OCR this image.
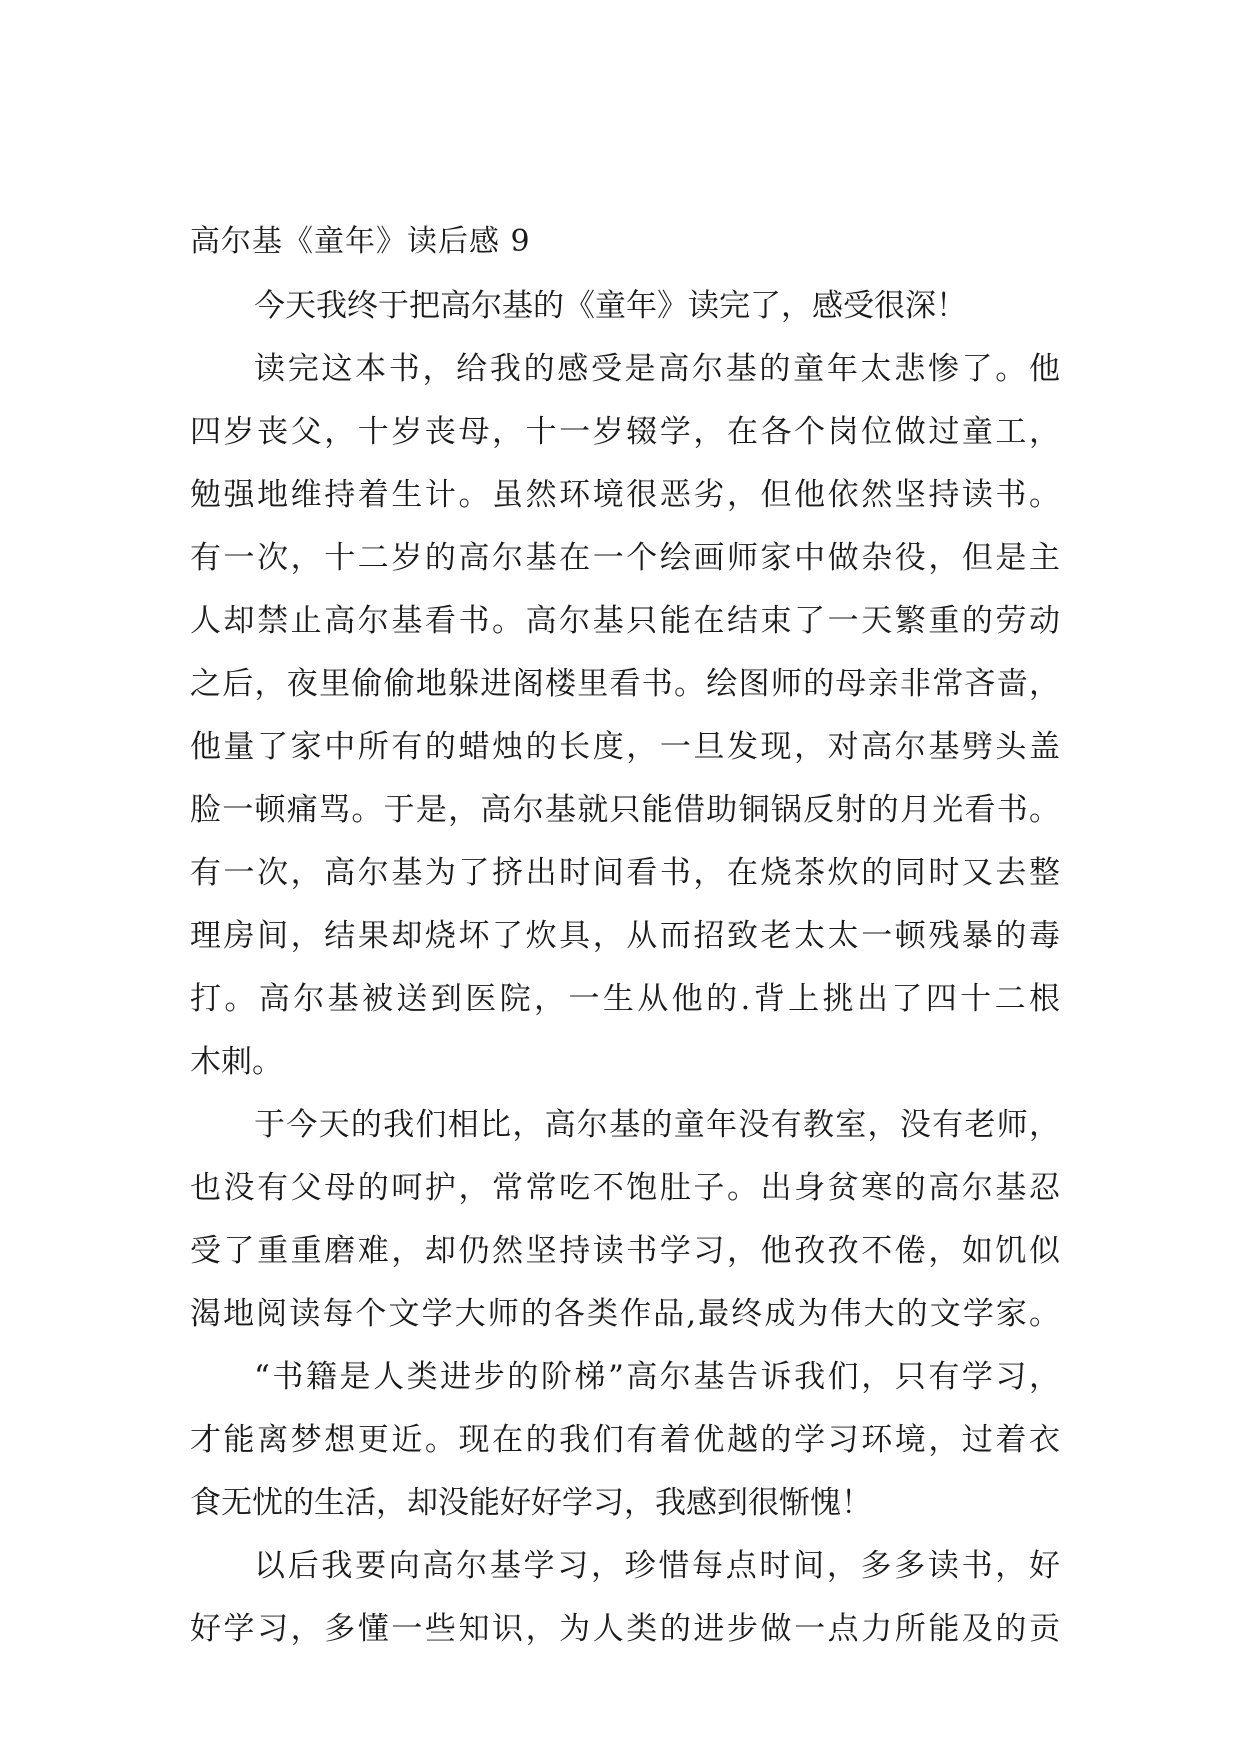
高尔基《童年》读后感 9
今天我终于把高尔基的《童年》读完了，感受很深！
读完这本书，给我的感受是高尔基的童年太悲惨了。他
四岁丧父，十岁丧母，十一岁辍学，在各个岗位做过童工，
勉强地维持着生计。虽然环境很恶劣，但他依然坚持读书。
有一次，十二岁的高尔基在一个绘画师家中做杂役，但是主
人却禁止高尔基看书。高尔基只能在结束了一天繁重的劳动
之后，夜里偷偷地躲进阁楼里看书。绘图师的母亲非常吝啬，
他量了家中所有的蜡烛的长度，一旦发现，对高尔基劈头盖
脸一顿痛骂。于是，高尔基就只能借助铜锅反射的月光看书。
有一次，高尔基为了挤出时间看书，在烧茶炊的同时又去整
理房间，结果却烧坏了炊具，从而招致老太太一顿残暴的毒
打。高尔基被送到医院，一生从他的.背上挑出了四十二根
木刺。
于今天的我们相比，高尔基的童年没有教室，没有老师，
也没有父母的呵护，常常吃不饱肚子。出身贫寒的高尔基忍
受了重重磨难，却仍然坚持读书学习，他孜孜不倦，如饥似
渴地阅读每个文学大师的各类作品,最终成为伟大的文学家。
“书籍是人类进步的阶梯”高尔基告诉我们，只有学习，
才能离梦想更近。现在的我们有着优越的学习环境，过着衣
食无忧的生活，却没能好好学习，我感到很惭愧！
以后我要向高尔基学习，珍惜每点时间，多多读书，好
好学习，多懂一些知识，为人类的进步做一点力所能及的贡
